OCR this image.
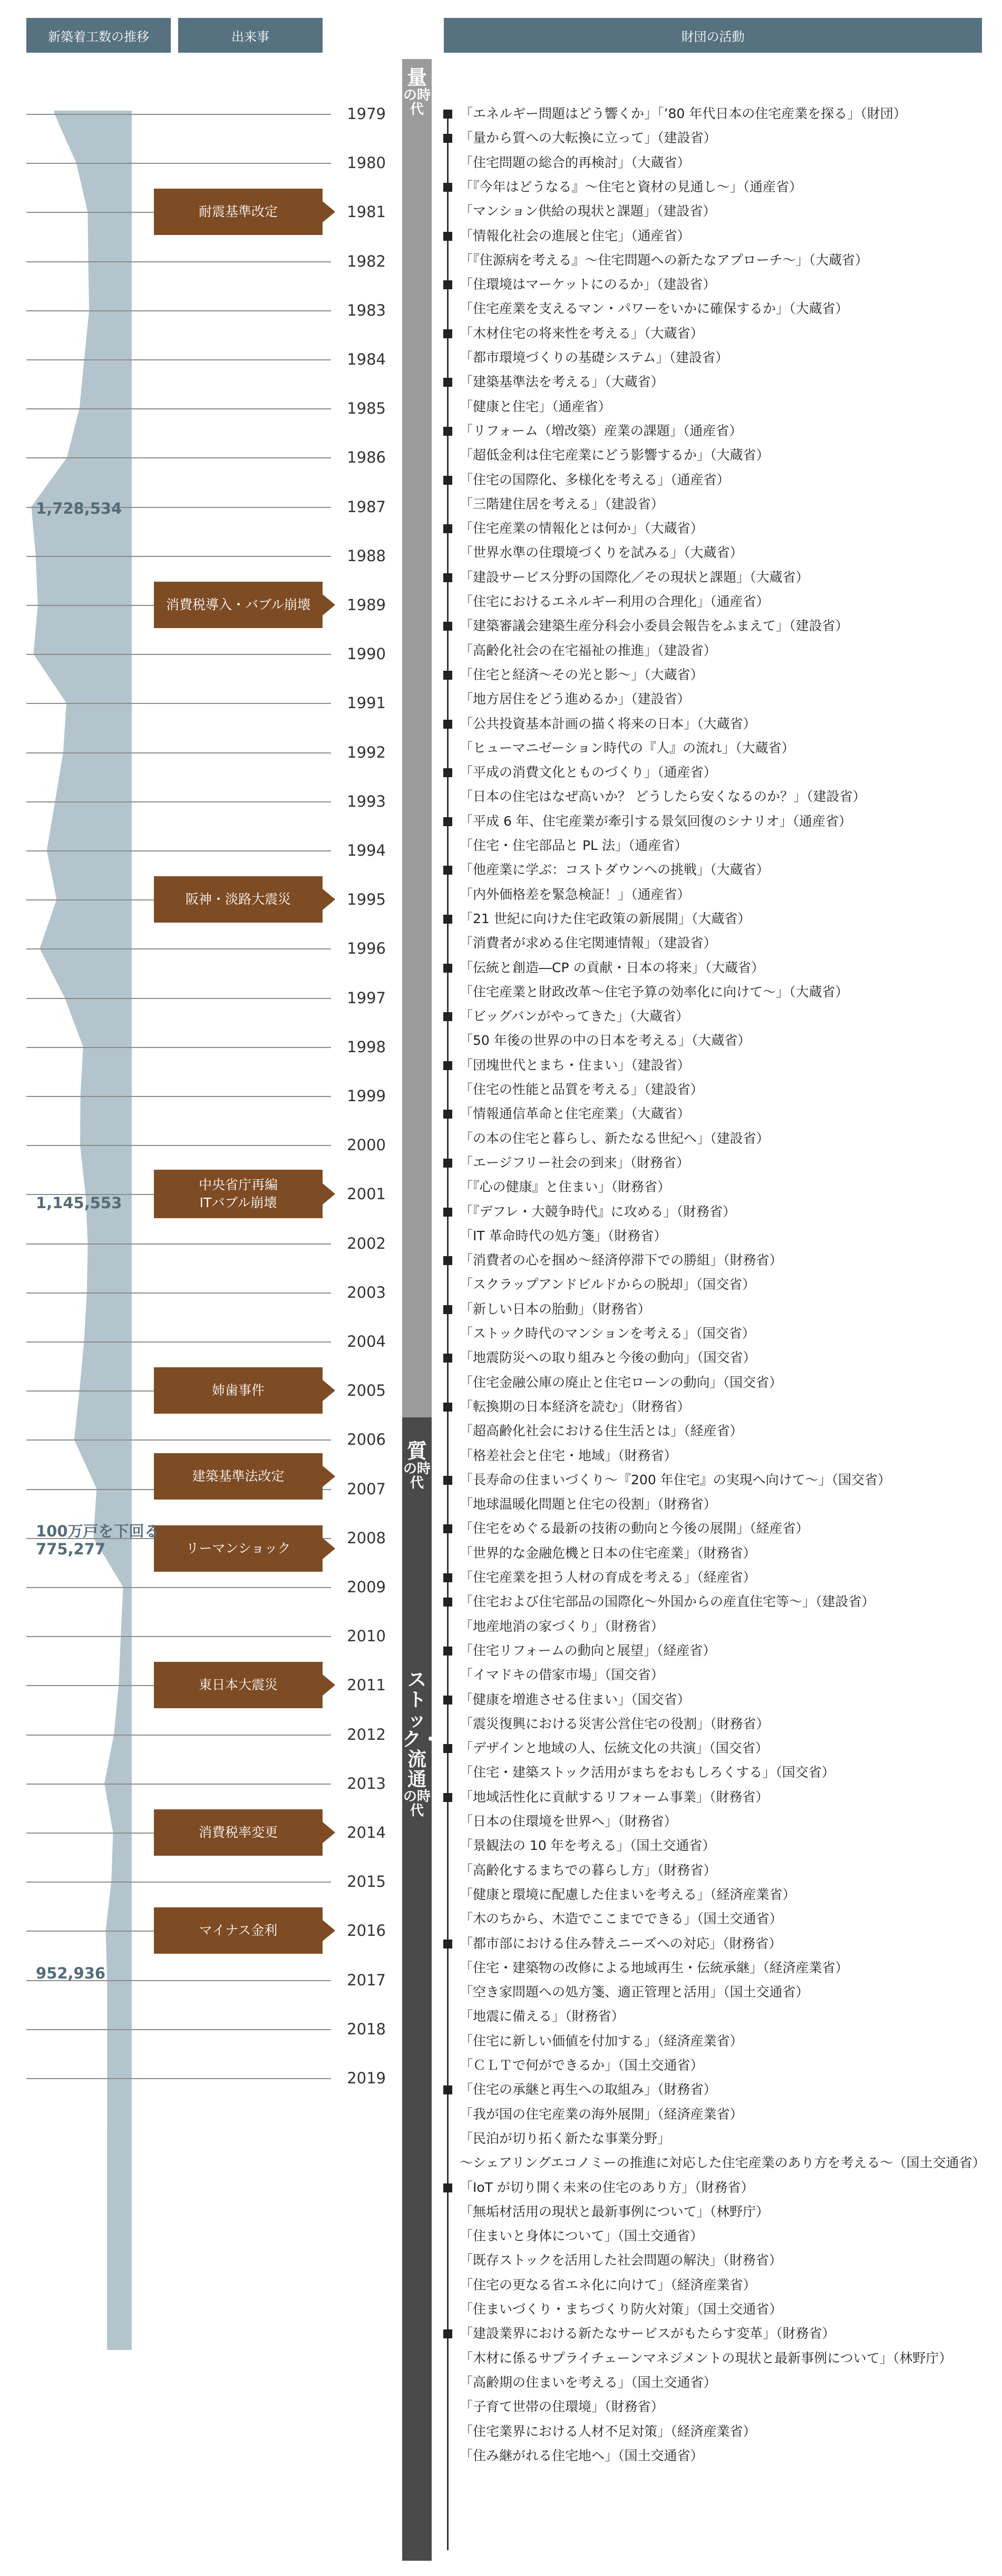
新築着工数の推移	出来事	財団の活動
1979
1980
1981
1982
1983
1984
1985
1986
1987
1988
1989
1990
1991
1992
1993
1994
1995
1996
1997
1998
1999
2000
2001
2002
2003
2004
2005
2006
2007
2008
2009
2010
2011
2012
2013
2014
2015
2016
2017
2018
2019
量
の時代
質
の時代
ストック・流通
の時代
耐震基準改定
消費税導入・バブル崩壊
阪神・淡路大震災
中央省庁再編
ITバブル崩壊
姉歯事件
建築基準法改定
リーマンショック
東日本大震災
消費税率変更
マイナス金利
1,728,534
1,145,553
100万戸を下回る
775,277
952,936
「エネルギー問題はどう響くか」「’80 年代日本の住宅産業を探る」（財団）
「量から質への大転換に立って」（建設省）
「住宅問題の総合的再検討」（大蔵省）
「『今年はどうなる』〜住宅と資材の見通し〜」（通産省）
「マンション供給の現状と課題」（建設省）
「情報化社会の進展と住宅」（通産省）
「『住源病を考える』〜住宅問題への新たなアプローチ〜」（大蔵省）
「住環境はマーケットにのるか」（建設省）
「住宅産業を支えるマン・パワーをいかに確保するか」（大蔵省）
「木材住宅の将来性を考える」（大蔵省）
「都市環境づくりの基礎システム」（建設省）
「建築基準法を考える」（大蔵省）
「健康と住宅」（通産省）
「リフォーム（増改築）産業の課題」（通産省）
「超低金利は住宅産業にどう影響するか」（大蔵省）
「住宅の国際化、多様化を考える」（通産省）
「三階建住居を考える」（建設省）
「住宅産業の情報化とは何か」（大蔵省）
「世界水準の住環境づくりを試みる」（大蔵省）
「建設サービス分野の国際化／その現状と課題」（大蔵省）
「住宅におけるエネルギー利用の合理化」（通産省）
「建築審議会建築生産分科会小委員会報告をふまえて」（建設省）
「高齢化社会の在宅福祉の推進」（建設省）
「住宅と経済〜その光と影〜」（大蔵省）
「地方居住をどう進めるか」（建設省）
「公共投資基本計画の描く将来の日本」（大蔵省）
「ヒューマニゼーション時代の『人』の流れ」（大蔵省）
「平成の消費文化とものづくり」（通産省）
「日本の住宅はなぜ高いか？ どうしたら安くなるのか？」（建設省）
「平成 6 年、住宅産業が牽引する景気回復のシナリオ」（通産省）
「住宅・住宅部品と PL 法」（通産省）
「他産業に学ぶ：コストダウンへの挑戦」（大蔵省）
「内外価格差を緊急検証！」（通産省）
「21 世紀に向けた住宅政策の新展開」（大蔵省）
「消費者が求める住宅関連情報」（建設省）
「伝統と創造―CP の貢献・日本の将来」（大蔵省）
「住宅産業と財政改革〜住宅予算の効率化に向けて〜」（大蔵省）
「ビッグバンがやってきた」（大蔵省）
「50 年後の世界の中の日本を考える」（大蔵省）
「団塊世代とまち・住まい」（建設省）
「住宅の性能と品質を考える」（建設省）
「情報通信革命と住宅産業」（大蔵省）
「の本の住宅と暮らし、新たなる世紀へ」（建設省）
「エージフリー社会の到来」（財務省）
「『心の健康』と住まい」（財務省）
「『デフレ・大競争時代』に攻める」（財務省）
「IT 革命時代の処方箋」（財務省）
「消費者の心を掴め〜経済停滞下での勝組」（財務省）
「スクラップアンドビルドからの脱却」（国交省）
「新しい日本の胎動」（財務省）
「ストック時代のマンションを考える」（国交省）
「地震防災への取り組みと今後の動向」（国交省）
「住宅金融公庫の廃止と住宅ローンの動向」（国交省）
「転換期の日本経済を読む」（財務省）
「超高齢化社会における住生活とは」（経産省）
「格差社会と住宅・地域」（財務省）
「長寿命の住まいづくり〜『200 年住宅』の実現へ向けて〜」（国交省）
「地球温暖化問題と住宅の役割」（財務省）
「住宅をめぐる最新の技術の動向と今後の展開」（経産省）
「世界的な金融危機と日本の住宅産業」（財務省）
「住宅産業を担う人材の育成を考える」（経産省）
「住宅および住宅部品の国際化〜外国からの産直住宅等〜」（建設省）
「地産地消の家づくり」（財務省）
「住宅リフォームの動向と展望」（経産省）
「イマドキの借家市場」（国交省）
「健康を増進させる住まい」（国交省）
「震災復興における災害公営住宅の役割」（財務省）
「デザインと地域の人、伝統文化の共演」（国交省）
「住宅・建築ストック活用がまちをおもしろくする」（国交省）
「地域活性化に貢献するリフォーム事業」（財務省）
「日本の住環境を世界へ」（財務省）
「景観法の 10 年を考える」（国土交通省）
「高齢化するまちでの暮らし方」（財務省）
「健康と環境に配慮した住まいを考える」（経済産業省）
「木のちから、木造でここまでできる」（国土交通省）
「都市部における住み替えニーズへの対応」（財務省）
「住宅・建築物の改修による地域再生・伝統承継」（経済産業省）
「空き家問題への処方箋、適正管理と活用」（国土交通省）
「地震に備える」（財務省）
「住宅に新しい価値を付加する」（経済産業省）
「ＣＬＴで何ができるか」（国土交通省）
「住宅の承継と再生への取組み」（財務省）
「我が国の住宅産業の海外展開」（経済産業省）
「民泊が切り拓く新たな事業分野」
〜シェアリングエコノミーの推進に対応した住宅産業のあり方を考える〜（国土交通省）
「IoT が切り開く未来の住宅のあり方」（財務省）
「無垢材活用の現状と最新事例について」（林野庁）
「住まいと身体について」（国土交通省）
「既存ストックを活用した社会問題の解決」（財務省）
「住宅の更なる省エネ化に向けて」（経済産業省）
「住まいづくり・まちづくり防火対策」（国土交通省）
「建設業界における新たなサービスがもたらす変革」（財務省）
「木材に係るサプライチェーンマネジメントの現状と最新事例について」（林野庁）
「高齢期の住まいを考える」（国土交通省）
「子育て世帯の住環境」（財務省）
「住宅業界における人材不足対策」（経済産業省）
「住み継がれる住宅地へ」（国土交通省）
